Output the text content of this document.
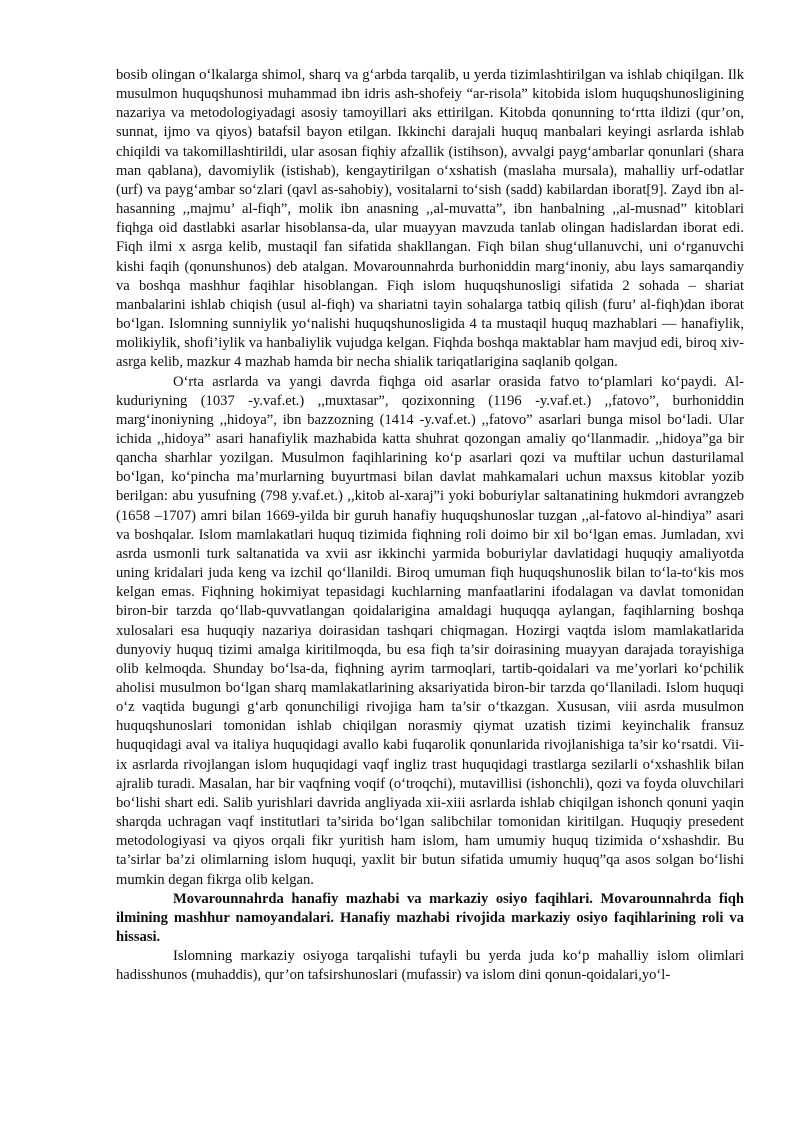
bosib olingan o‘lkalarga shimol, sharq va g‘arbda tarqalib, u yerda tizimlashtirilgan va ishlab chiqilgan. Ilk musulmon huquqshunosi muhammad ibn idris ash-shofeiy “ar-risola” kitobida islom huquqshunosligining nazariya va metodologiyadagi asosiy tamoyillari aks ettirilgan. Kitobda qonunning to‘rtta ildizi (qur’on, sunnat, ijmo va qiyos) batafsil bayon etilgan. Ikkinchi darajali huquq manbalari keyingi asrlarda ishlab chiqildi va takomillashtirildi, ular asosan fiqhiy afzallik (istihson), avvalgi payg‘ambarlar qonunlari (shara man qablana), davomiylik (istishab), kengaytirilgan o‘xshatish (maslaha mursala), mahalliy urf-odatlar (urf) va payg‘ambar so‘zlari (qavl as-sahobiy), vositalarni to‘sish (sadd) kabilardan iborat[9]. Zayd ibn al-hasanning ,,majmu’ al-fiqh”, molik ibn anasning ,,al-muvatta”, ibn hanbalning ,,al-musnad” kitoblari fiqhga oid dastlabki asarlar hisoblansa-da, ular muayyan mavzuda tanlab olingan hadislardan iborat edi. Fiqh ilmi x asrga kelib, mustaqil fan sifatida shakllangan. Fiqh bilan shug‘ullanuvchi, uni o‘rganuvchi kishi faqih (qonunshunos) deb atalgan. Movarounnahrda burhoniddin marg‘inoniy, abu lays samarqandiy va boshqa mashhur faqihlar hisoblangan. Fiqh islom huquqshunosligi sifatida 2 sohada – shariat manbalarini ishlab chiqish (usul al-fiqh) va shariatni tayin sohalarga tatbiq qilish (furu’ al-fiqh)dan iborat bo‘lgan. Islomning sunniylik yo‘nalishi huquqshunosligida 4 ta mustaqil huquq mazhablari — hanafiylik, molikiylik, shofi’iylik va hanbaliylik vujudga kelgan. Fiqhda boshqa maktablar ham mavjud edi, biroq xiv-asrga kelib, mazkur 4 mazhab hamda bir necha shialik tariqatlarigina saqlanib qolgan.

O‘rta asrlarda va yangi davrda fiqhga oid asarlar orasida fatvo to‘plamlari ko‘paydi. Al-kuduriyning (1037 -y.vaf.et.) ,,muxtasar”, qozixonning (1196 -y.vaf.et.) ,,fatovo”, burhoniddin marg‘inoniyning ,,hidoya”, ibn bazzozning (1414 -y.vaf.et.) ,,fatovo” asarlari bunga misol bo‘ladi. Ular ichida ,,hidoya” asari hanafiylik mazhabida katta shuhrat qozongan amaliy qo‘llanmadir. ,,hidoya”ga bir qancha sharhlar yozilgan. Musulmon faqihlarining ko‘p asarlari qozi va muftilar uchun dasturilamal bo‘lgan, ko‘pincha ma’murlarning buyurtmasi bilan davlat mahkamalari uchun maxsus kitoblar yozib berilgan: abu yusufning (798 y.vaf.et.) ,,kitob al-xaraj”i yoki boburiylar saltanatining hukmdori avrangzeb (1658 –1707) amri bilan 1669-yilda bir guruh hanafiy huquqshunoslar tuzgan ,,al-fatovo al-hindiya” asari va boshqalar. Islom mamlakatlari huquq tizimida fiqhning roli doimo bir xil bo‘lgan emas. Jumladan, xvi asrda usmonli turk saltanatida va xvii asr ikkinchi yarmida boburiylar davlatidagi huquqiy amaliyotda uning kridalari juda keng va izchil qo‘llanildi. Biroq umuman fiqh huquqshunoslik bilan to‘la-to‘kis mos kelgan emas. Fiqhning hokimiyat tepasidagi kuchlarning manfaatlarini ifodalagan va davlat tomonidan biron-bir tarzda qo‘llab-quvvatlangan qoidalarigina amaldagi huquqqa aylangan, faqihlarning boshqa xulosalari esa huquqiy nazariya doirasidan tashqari chiqmagan. Hozirgi vaqtda islom mamlakatlarida dunyoviy huquq tizimi amalga kiritilmoqda, bu esa fiqh ta’sir doirasining muayyan darajada torayishiga olib kelmoqda. Shunday bo‘lsa-da, fiqhning ayrim tarmoqlari, tartib-qoidalari va me’yorlari ko‘pchilik aholisi musulmon bo‘lgan sharq mamlakatlarining aksariyatida biron-bir tarzda qo‘llaniladi. Islom huquqi o‘z vaqtida bugungi g‘arb qonunchiligi rivojiga ham ta’sir o‘tkazgan. Xususan, viii asrda musulmon huquqshunoslari tomonidan ishlab chiqilgan norasmiy qiymat uzatish tizimi keyinchalik fransuz huquqidagi aval va italiya huquqidagi avallo kabi fuqarolik qonunlarida rivojlanishiga ta’sir ko‘rsatdi. Vii-ix asrlarda rivojlangan islom huquqidagi vaqf ingliz trast huquqidagi trastlarga sezilarli o‘xshashlik bilan ajralib turadi. Masalan, har bir vaqfning voqif (o‘troqchi), mutavillisi (ishonchli), qozi va foyda oluvchilari bo‘lishi shart edi. Salib yurishlari davrida angliyada xii-xiii asrlarda ishlab chiqilgan ishonch qonuni yaqin sharqda uchragan vaqf institutlari ta’sirida bo‘lgan salibchilar tomonidan kiritilgan. Huquqiy presedent metodologiyasi va qiyos orqali fikr yuritish ham islom, ham umumiy huquq tizimida o‘xshashdir. Bu ta’sirlar ba’zi olimlarning islom huquqi, yaxlit bir butun sifatida umumiy huquq”qa asos solgan bo‘lishi mumkin degan fikrga olib kelgan.

Movarounnahrda hanafiy mazhabi va markaziy osiyo faqihlari. Movarounnahrda fiqh ilmining mashhur namoyandalari. Hanafiy mazhabi rivojida markaziy osiyo faqihlarining roli va hissasi.

Islomning markaziy osiyoga tarqalishi tufayli bu yerda juda ko‘p mahalliy islom olimlari hadisshunos (muhaddis), qur’on tafsirshunoslari (mufassir) va islom dini qonun-qoidalari,yo‘l-
